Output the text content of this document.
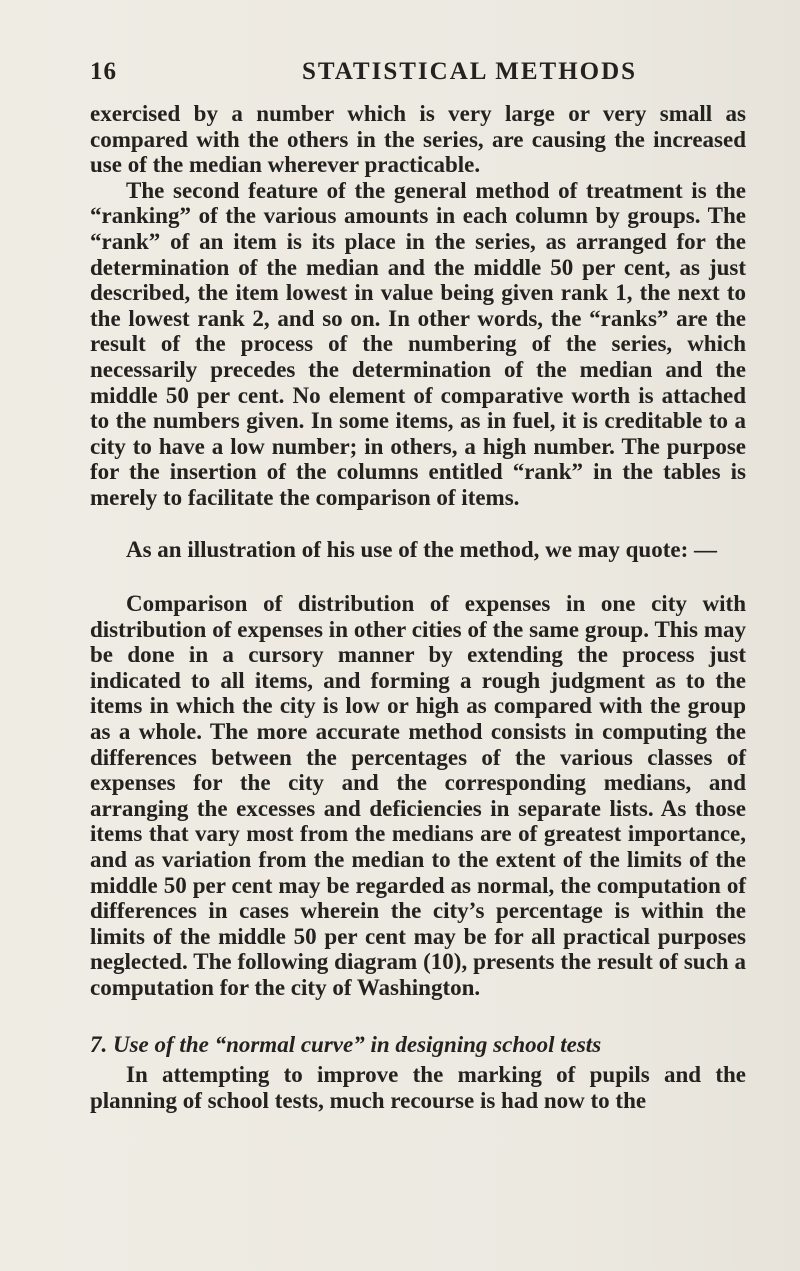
16	STATISTICAL METHODS

exercised by a number which is very large or very small as compared with the others in the series, are causing the increased use of the median wherever practicable.

The second feature of the general method of treatment is the “ranking” of the various amounts in each column by groups. The “rank” of an item is its place in the series, as arranged for the determination of the median and the middle 50 per cent, as just described, the item lowest in value being given rank 1, the next to the lowest rank 2, and so on. In other words, the “ranks” are the result of the process of the numbering of the series, which necessarily precedes the determination of the median and the middle 50 per cent. No element of comparative worth is attached to the numbers given. In some items, as in fuel, it is creditable to a city to have a low number; in others, a high number. The purpose for the insertion of the columns entitled “rank” in the tables is merely to facilitate the comparison of items.

As an illustration of his use of the method, we may quote: —

Comparison of distribution of expenses in one city with distribution of expenses in other cities of the same group. This may be done in a cursory manner by extending the process just indicated to all items, and forming a rough judgment as to the items in which the city is low or high as compared with the group as a whole. The more accurate method consists in computing the differences between the percentages of the various classes of expenses for the city and the corresponding medians, and arranging the excesses and deficiencies in separate lists. As those items that vary most from the medians are of greatest importance, and as variation from the median to the extent of the limits of the middle 50 per cent may be regarded as normal, the computation of differences in cases wherein the city’s percentage is within the limits of the middle 50 per cent may be for all practical purposes neglected. The following diagram (10), presents the result of such a computation for the city of Washington.

7. Use of the “normal curve” in designing school tests

In attempting to improve the marking of pupils and the planning of school tests, much recourse is had now to the
